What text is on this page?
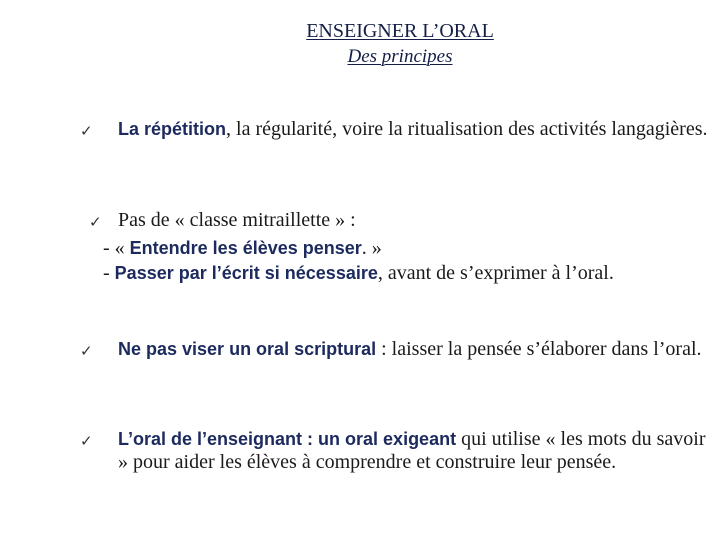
ENSEIGNER L’ORAL
Des principes
✓ La répétition, la régularité, voire la ritualisation des activités langagières.
✓ Pas de « classe mitraillette » :
- « Entendre les élèves penser. »
- Passer par l’écrit si nécessaire, avant de s’exprimer à l’oral.
✓ Ne pas viser un oral scriptural : laisser la pensée s’élaborer dans l’oral.
✓ L’oral de l’enseignant : un oral exigeant qui utilise « les mots du savoir » pour aider les élèves à comprendre et construire leur pensée.
